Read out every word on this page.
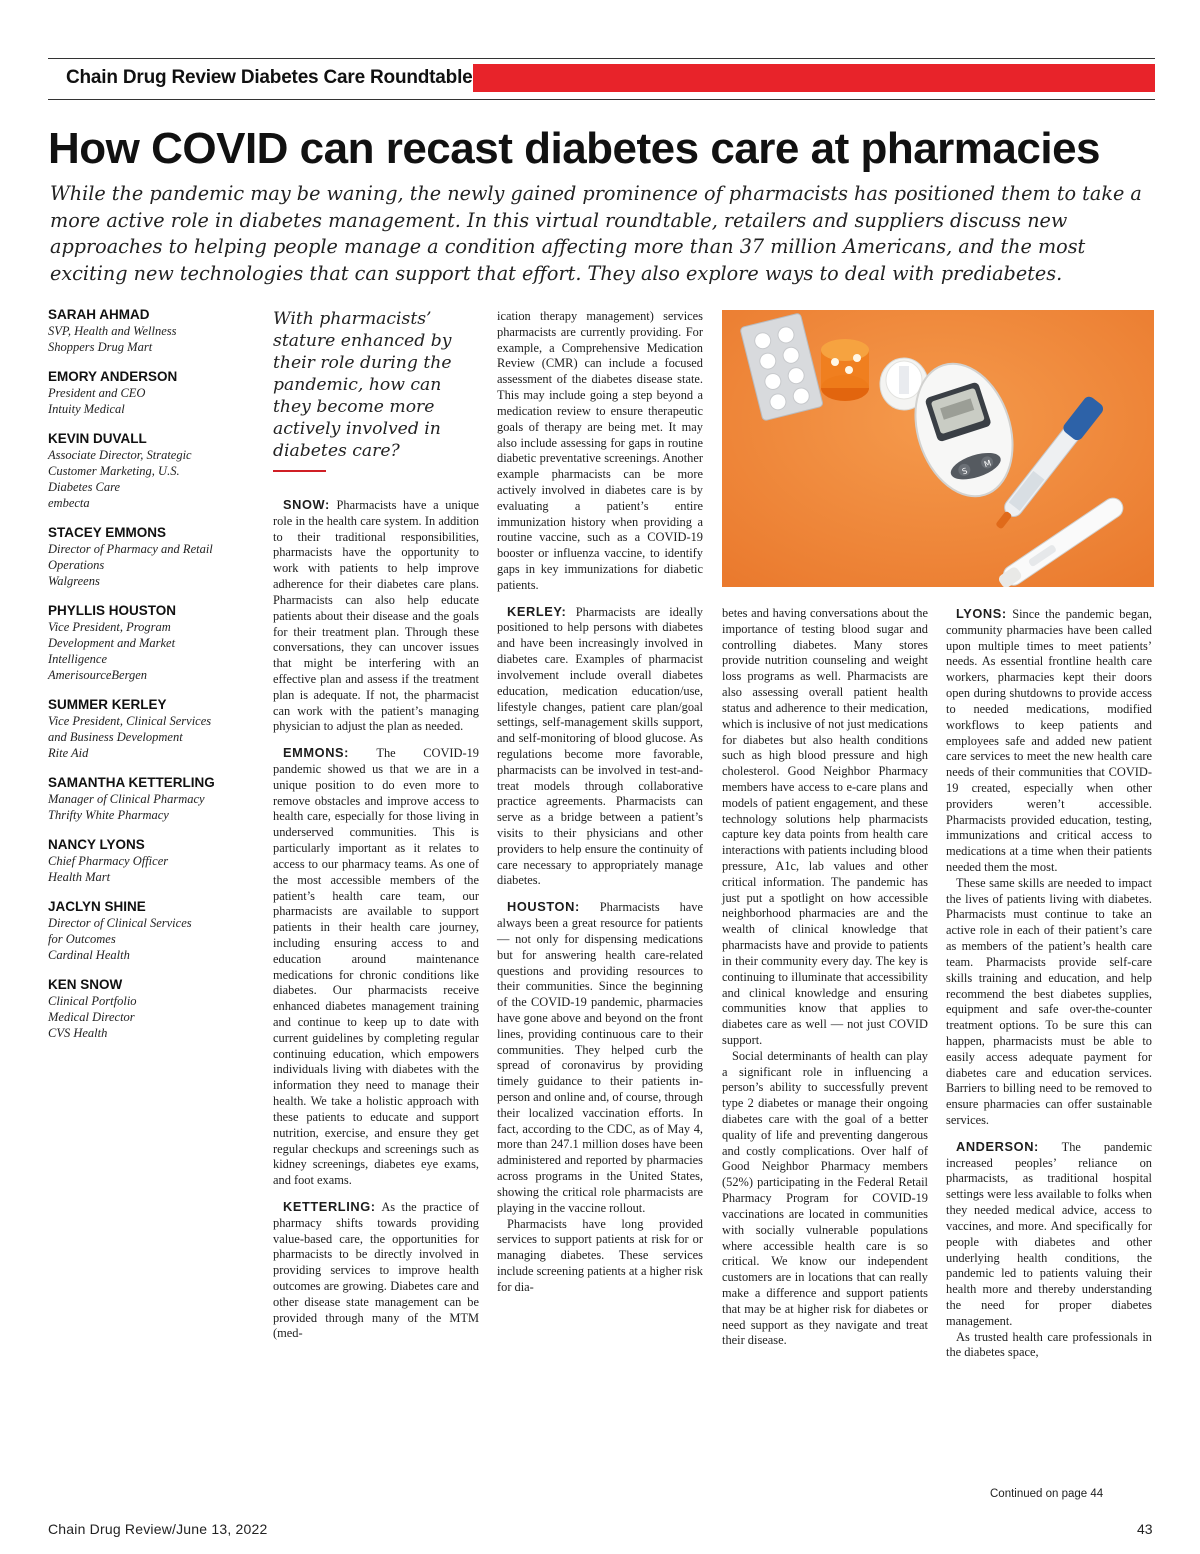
Chain Drug Review Diabetes Care Roundtable
How COVID can recast diabetes care at pharmacies

While the pandemic may be waning, the newly gained prominence of pharmacists has positioned them to take a more active role in diabetes management. In this virtual roundtable, retailers and suppliers discuss new approaches to helping people manage a condition affecting more than 37 million Americans, and the most exciting new technologies that can support that effort. They also explore ways to deal with prediabetes.

SARAH AHMAD
SVP, Health and Wellness
Shoppers Drug Mart
EMORY ANDERSON
President and CEO
Intuity Medical
KEVIN DUVALL
Associate Director, Strategic
Customer Marketing, U.S.
Diabetes Care
embecta
STACEY EMMONS
Director of Pharmacy and Retail
Operations
Walgreens
PHYLLIS HOUSTON
Vice President, Program
Development and Market
Intelligence
AmerisourceBergen
SUMMER KERLEY
Vice President, Clinical Services
and Business Development
Rite Aid
SAMANTHA KETTERLING
Manager of Clinical Pharmacy
Thrifty White Pharmacy
NANCY LYONS
Chief Pharmacy Officer
Health Mart
JACLYN SHINE
Director of Clinical Services
for Outcomes
Cardinal Health
KEN SNOW
Clinical Portfolio
Medical Director
CVS Health
With pharmacists’ stature enhanced by their role during the pandemic, how can they become more actively involved in diabetes care?

SNOW: Pharmacists have a unique role in the health care system. In addition to their traditional responsibilities, pharmacists have the opportunity to work with patients to help improve adherence for their diabetes care plans. Pharmacists can also help educate patients about their disease and the goals for their treatment plan. Through these conversations, they can uncover issues that might be interfering with an effective plan and assess if the treatment plan is adequate. If not, the pharmacist can work with the patient’s managing physician to adjust the plan as needed.

EMMONS: The COVID-19 pandemic showed us that we are in a unique position to do even more to remove obstacles and improve access to health care, especially for those living in underserved communities. This is particularly important as it relates to access to our pharmacy teams. As one of the most accessible members of the patient’s health care team, our pharmacists are available to support patients in their health care journey, including ensuring access to and education around maintenance medications for chronic conditions like diabetes. Our pharmacists receive enhanced diabetes management training and continue to keep up to date with current guidelines by completing regular continuing education, which empowers individuals living with diabetes with the information they need to manage their health. We take a holistic approach with these patients to educate and support nutrition, exercise, and ensure they get regular checkups and screenings such as kidney screenings, diabetes eye exams, and foot exams.

KETTERLING: As the practice of pharmacy shifts towards providing value-based care, the opportunities for pharmacists to be directly involved in providing services to improve health outcomes are growing. Diabetes care and other disease state management can be provided through many of the MTM (med-

ication therapy management) services pharmacists are currently providing. For example, a Comprehensive Medication Review (CMR) can include a focused assessment of the diabetes disease state. This may include going a step beyond a medication review to ensure therapeutic goals of therapy are being met. It may also include assessing for gaps in routine diabetic preventative screenings. Another example pharmacists can be more actively involved in diabetes care is by evaluating a patient’s entire immunization history when providing a routine vaccine, such as a COVID-19 booster or influenza vaccine, to identify gaps in key immunizations for diabetic patients.

KERLEY: Pharmacists are ideally positioned to help persons with diabetes and have been increasingly involved in diabetes care. Examples of pharmacist involvement include overall diabetes education, medication education/use, lifestyle changes, patient care plan/goal settings, self-management skills support, and self-monitoring of blood glucose. As regulations become more favorable, pharmacists can be involved in test-and-treat models through collaborative practice agreements. Pharmacists can serve as a bridge between a patient’s visits to their physicians and other providers to help ensure the continuity of care necessary to appropriately manage diabetes.

HOUSTON: Pharmacists have always been a great resource for patients — not only for dispensing medications but for answering health care-related questions and providing resources to their communities. Since the beginning of the COVID-19 pandemic, pharmacies have gone above and beyond on the front lines, providing continuous care to their communities. They helped curb the spread of coronavirus by providing timely guidance to their patients in-person and online and, of course, through their localized vaccination efforts. In fact, according to the CDC, as of May 4, more than 247.1 million doses have been administered and reported by pharmacies across programs in the United States, showing the critical role pharmacists are playing in the vaccine rollout.

Pharmacists have long provided services to support patients at risk for or managing diabetes. These services include screening patients at a higher risk for dia-

betes and having conversations about the importance of testing blood sugar and controlling diabetes. Many stores provide nutrition counseling and weight loss programs as well. Pharmacists are also assessing overall patient health status and adherence to their medication, which is inclusive of not just medications for diabetes but also health conditions such as high blood pressure and high cholesterol. Good Neighbor Pharmacy members have access to e-care plans and models of patient engagement, and these technology solutions help pharmacists capture key data points from health care interactions with patients including blood pressure, A1c, lab values and other critical information. The pandemic has just put a spotlight on how accessible neighborhood pharmacies are and the wealth of clinical knowledge that pharmacists have and provide to patients in their community every day. The key is continuing to illuminate that accessibility and clinical knowledge and ensuring communities know that applies to diabetes care as well — not just COVID support.

Social determinants of health can play a significant role in influencing a person’s ability to successfully prevent type 2 diabetes or manage their ongoing diabetes care with the goal of a better quality of life and preventing dangerous and costly complications. Over half of Good Neighbor Pharmacy members (52%) participating in the Federal Retail Pharmacy Program for COVID-19 vaccinations are located in communities with socially vulnerable populations where accessible health care is so critical. We know our independent customers are in locations that can really make a difference and support patients that may be at higher risk for diabetes or need support as they navigate and treat their disease.

LYONS: Since the pandemic began, community pharmacies have been called upon multiple times to meet patients’ needs. As essential frontline health care workers, pharmacies kept their doors open during shutdowns to provide access to needed medications, modified workflows to keep patients and employees safe and added new patient care services to meet the new health care needs of their communities that COVID-19 created, especially when other providers weren’t accessible. Pharmacists provided education, testing, immunizations and critical access to medications at a time when their patients needed them the most.

These same skills are needed to impact the lives of patients living with diabetes. Pharmacists must continue to take an active role in each of their patient’s care as members of the patient’s health care team. Pharmacists provide self-care skills training and education, and help recommend the best diabetes supplies, equipment and safe over-the-counter treatment options. To be sure this can happen, pharmacists must be able to easily access adequate payment for diabetes care and education services. Barriers to billing need to be removed to ensure pharmacies can offer sustainable services.

ANDERSON: The pandemic increased peoples’ reliance on pharmacists, as traditional hospital settings were less available to folks when they needed medical advice, access to vaccines, and more. And specifically for people with diabetes and other underlying health conditions, the pandemic led to patients valuing their health more and thereby understanding the need for proper diabetes management.

As trusted health care professionals in the diabetes space,

S
M
Continued on page 44
Chain Drug Review/June 13, 2022	43
